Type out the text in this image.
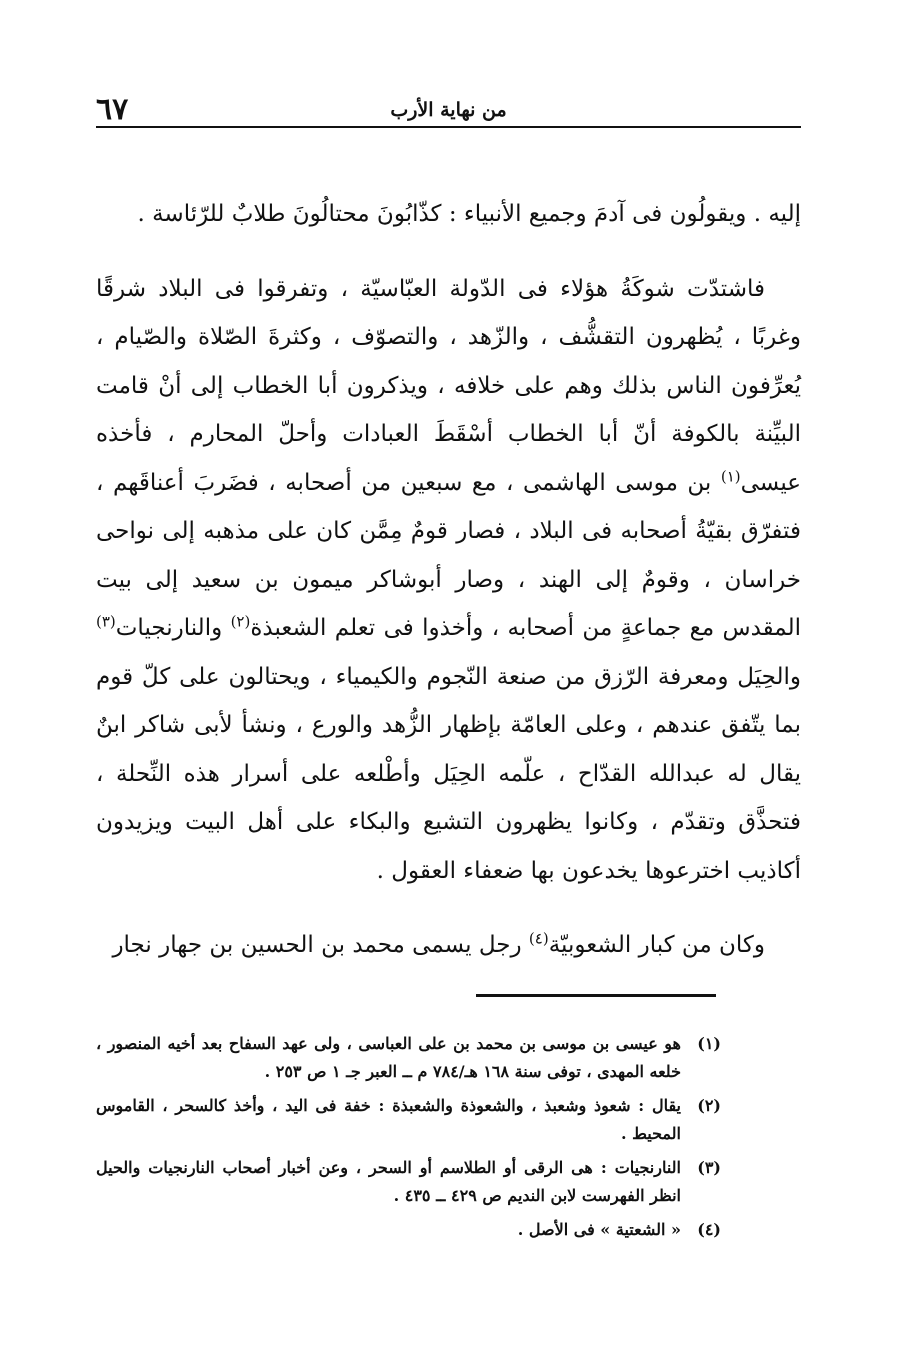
٦٧	من نهاية الأرب

إليه . ويقولُون فى آدمَ وجميع الأنبياء : كذّابُونَ محتالُونَ طلابٌ للرّئاسة .

فاشتدّت شوكَةُ هؤلاء فى الدّولة العبّاسيّة ، وتفرقوا فى البلاد شرقًا وغربًا ، يُظهرون التقشُّف ، والزّهد ، والتصوّف ، وكثرةَ الصّلاة والصّيام ، يُعرِّفون الناس بذلك وهم على خلافه ، ويذكرون أبا الخطاب إلى أنْ قامت البيِّنة بالكوفة أنّ أبا الخطاب أسْقَطَ العبادات وأحلّ المحارم ، فأخذه عيسى$^{(١)}$ بن موسى الهاشمى ، مع سبعين من أصحابه ، فضَربَ أعناقَهم ، فتفرّق بقيّةُ أصحابه فى البلاد ، فصار قومٌ مِمَّن كان على مذهبه إلى نواحى خراسان ، وقومٌ إلى الهند ، وصار أبوشاكر ميمون بن سعيد إلى بيت المقدس مع جماعةٍ من أصحابه ، وأخذوا فى تعلم الشعبذة$^{(٢)}$ والنارنجيات$^{(٣)}$ والحِيَل ومعرفة الرّزق من صنعة النّجوم والكيمياء ، ويحتالون على كلّ قوم بما يتّفق عندهم ، وعلى العامّة بإظهار الزُّهد والورع ، ونشأ لأبى شاكر ابنٌ يقال له عبدالله القدّاح ، علّمه الحِيَل وأطْلعه على أسرار هذه النِّحلة ، فتحذَّق وتقدّم ، وكانوا يظهرون التشيع والبكاء على أهل البيت ويزيدون أكاذيب اخترعوها يخدعون بها ضعفاء العقول .

وكان من كبار الشعوبيّة$^{(٤)}$ رجل يسمى محمد بن الحسين بن جهار نجار

(١)
هو عيسى بن موسى بن محمد بن على العباسى ، ولى عهد السفاح بعد أخيه المنصور ، خلعه المهدى ، توفى سنة ١٦٨ هـ/٧٨٤ م ــ العبر جـ ١ ص ٢٥٣ .
(٢)
يقال : شعوذ وشعبذ ، والشعوذة والشعبذة : خفة فى اليد ، وأخذ كالسحر ، القاموس المحيط .
(٣)
النارنجيات : هى الرقى أو الطلاسم أو السحر ، وعن أخبار أصحاب النارنجيات والحيل انظر الفهرست لابن النديم ص ٤٢٩ ــ ٤٣٥ .
(٤)
« الشعتية » فى الأصل .
